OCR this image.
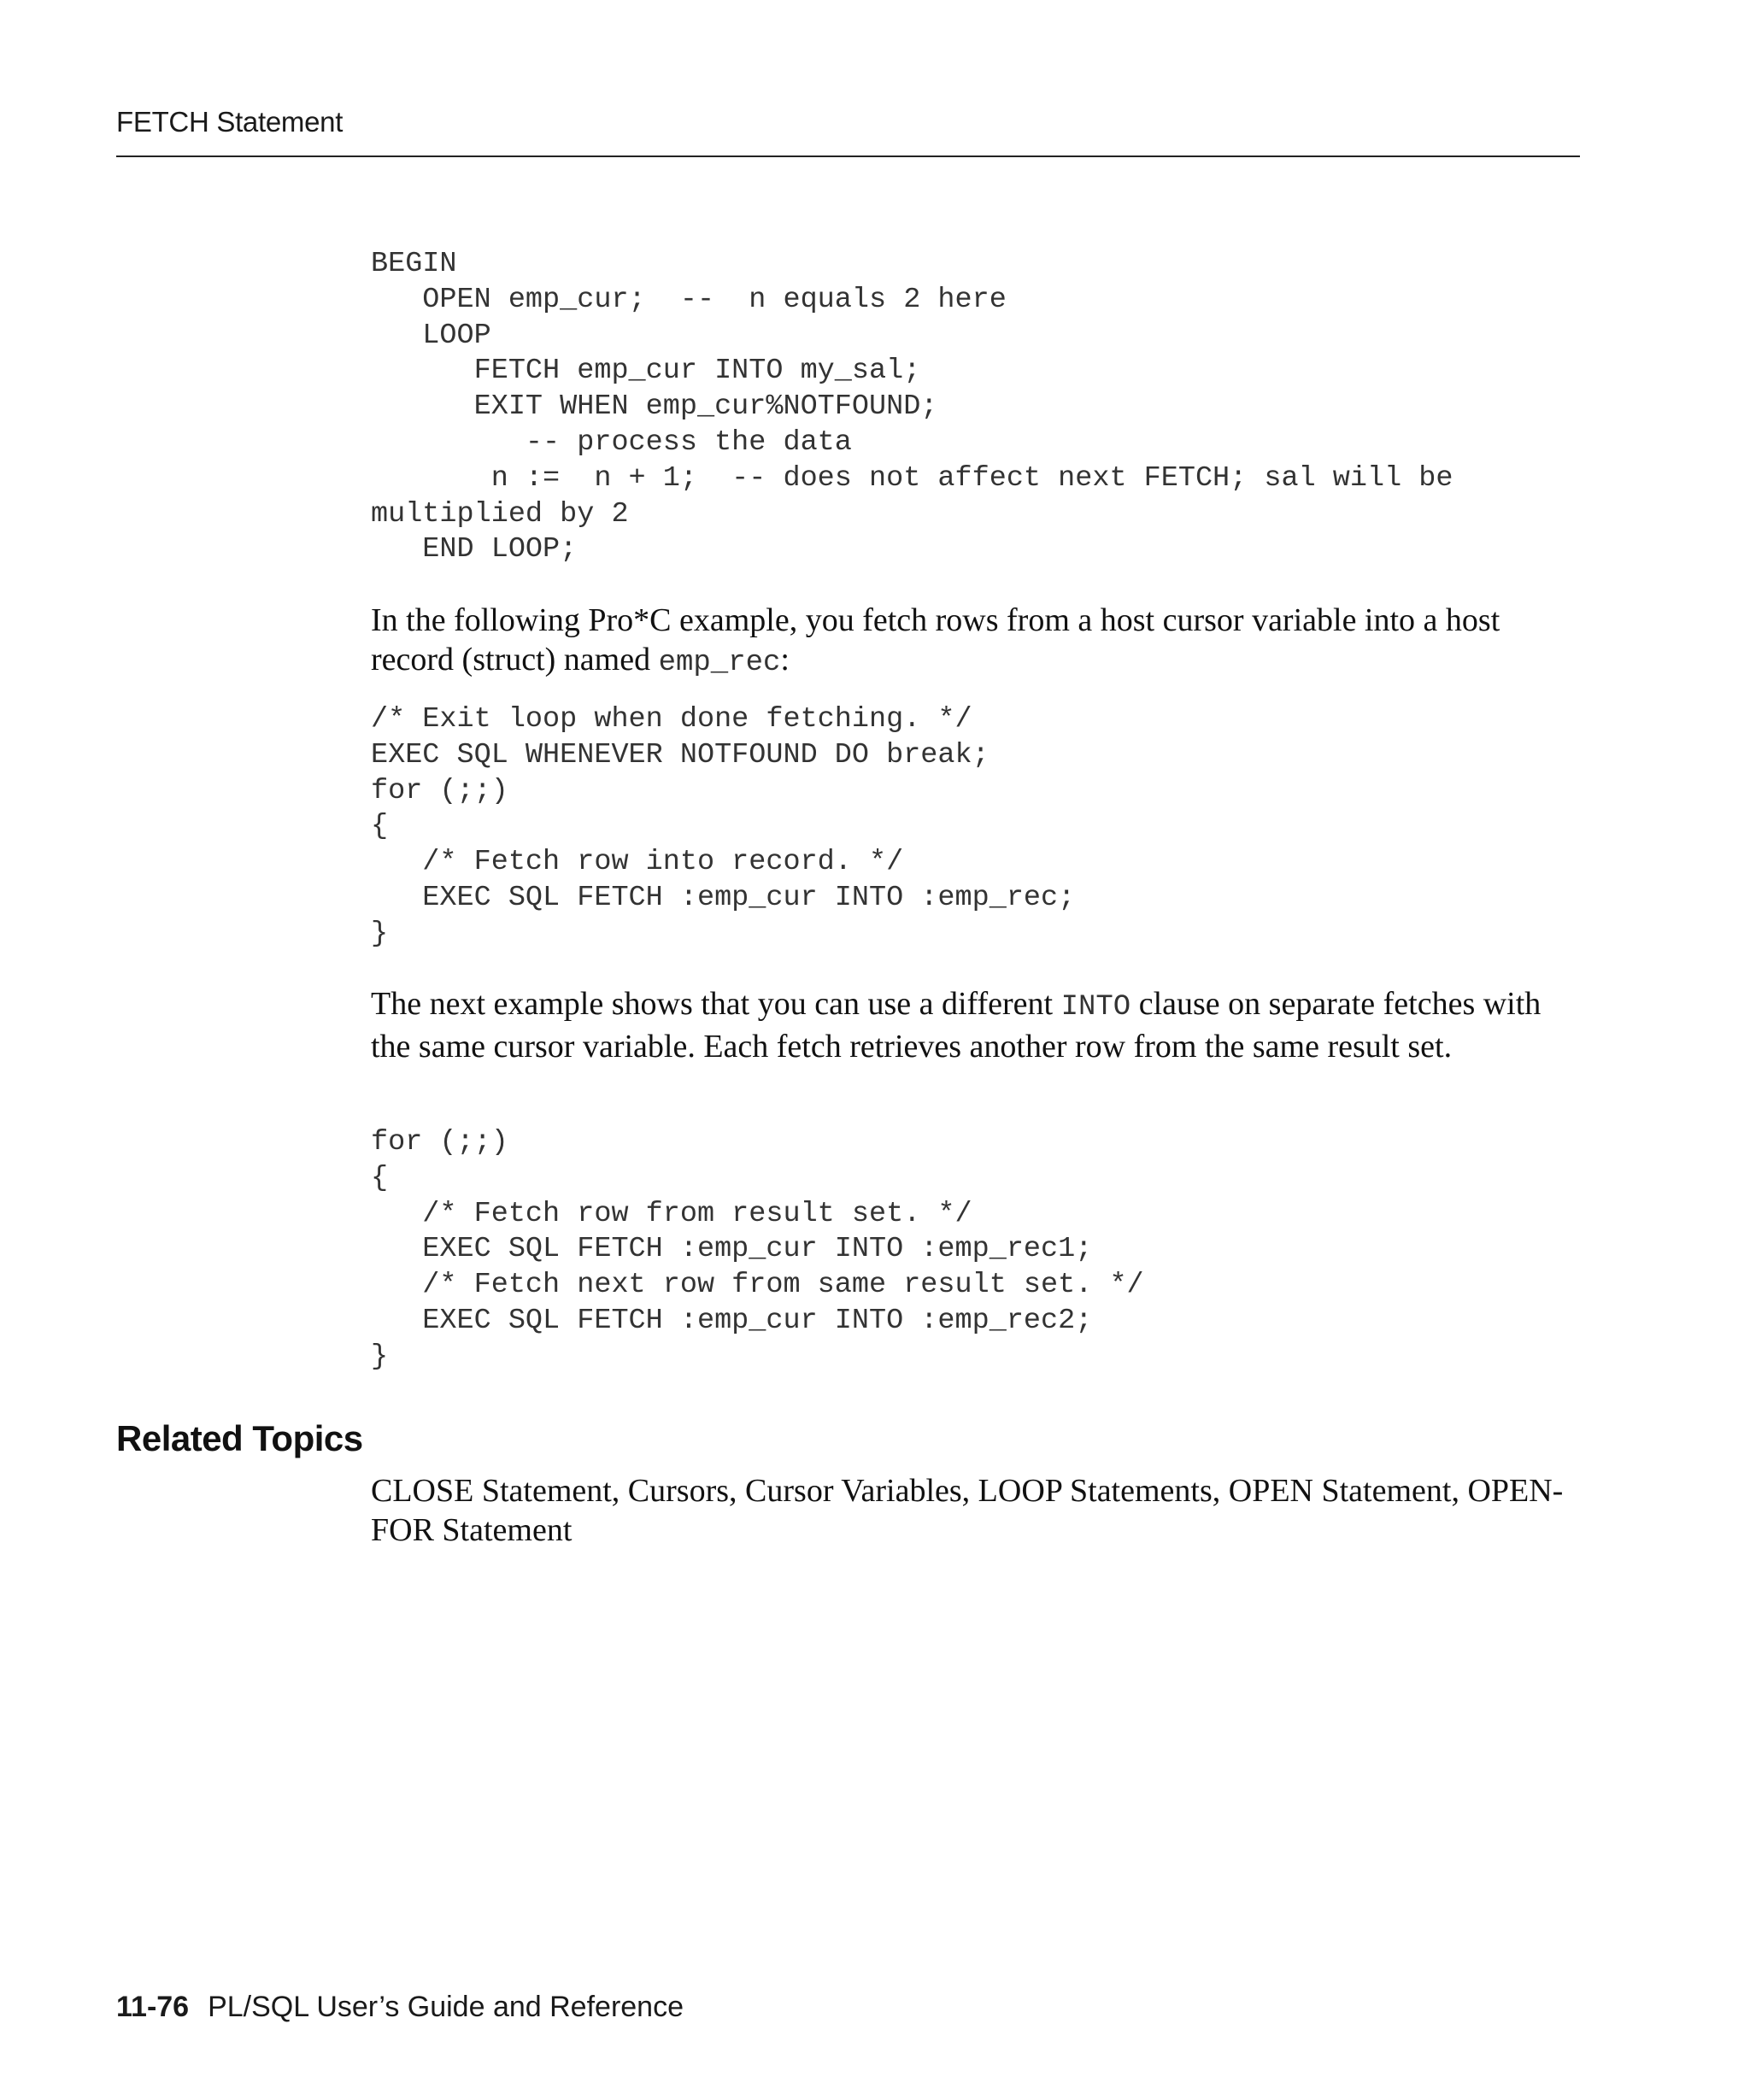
FETCH Statement
BEGIN
OPEN emp_cur;  --  n equals 2 here
LOOP
FETCH emp_cur INTO my_sal;
EXIT WHEN emp_cur%NOTFOUND;
-- process the data
n :=  n + 1;  -- does not affect next FETCH; sal will be
multiplied by 2
END LOOP;

In the following Pro*C example, you fetch rows from a host cursor variable into a host record (struct) named emp_rec:

/* Exit loop when done fetching. */
EXEC SQL WHENEVER NOTFOUND DO break;
for (;;)
{
/* Fetch row into record. */
EXEC SQL FETCH :emp_cur INTO :emp_rec;
}

The next example shows that you can use a different INTO clause on separate fetches with the same cursor variable. Each fetch retrieves another row from the same result set.

for (;;)
{
/* Fetch row from result set. */
EXEC SQL FETCH :emp_cur INTO :emp_rec1;
/* Fetch next row from same result set. */
EXEC SQL FETCH :emp_cur INTO :emp_rec2;
}
Related Topics

CLOSE Statement, Cursors, Cursor Variables, LOOP Statements, OPEN Statement, OPEN-FOR Statement

11-76 PL/SQL User’s Guide and Reference
